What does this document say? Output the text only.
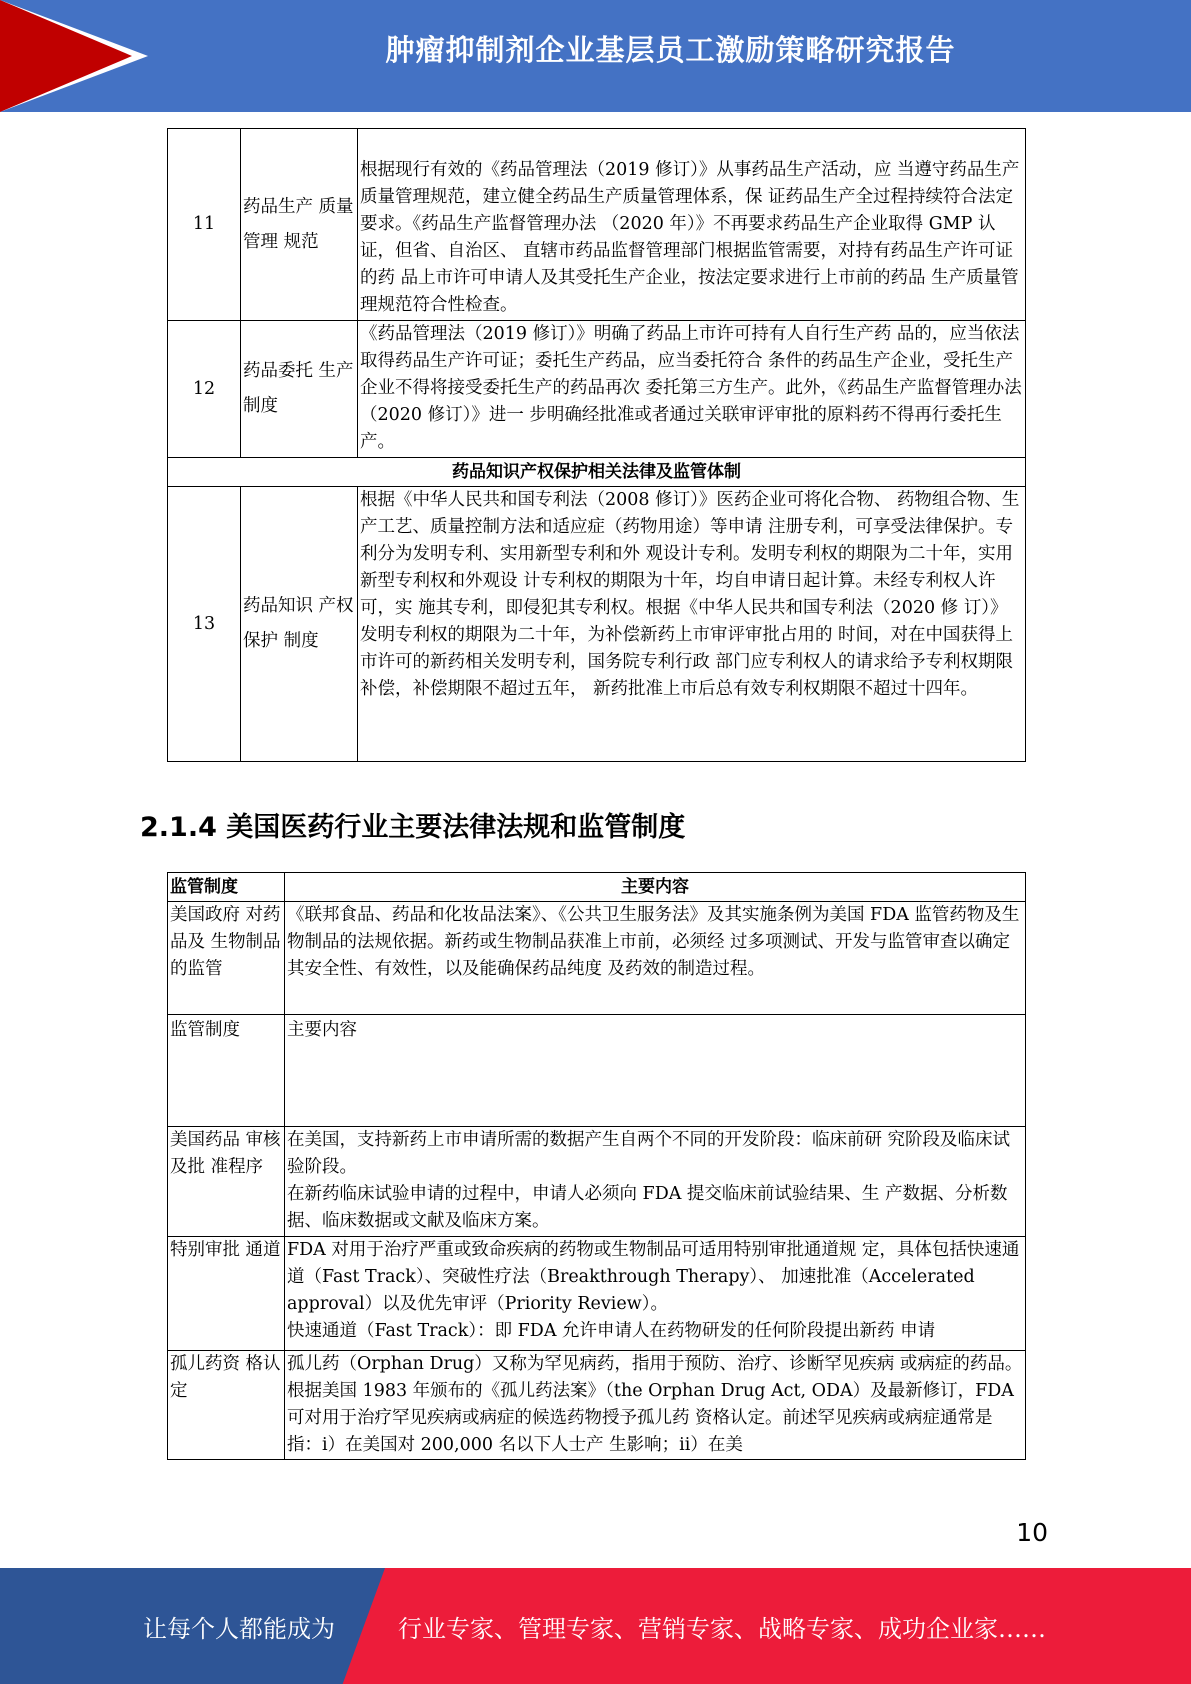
肿瘤抑制剂企业基层员工激励策略研究报告
11	药品生产 质量管理 规范	根据现行有效的《药品管理法（2019 修订）》从事药品生产活动，应 当遵守药品生产质量管理规范，建立健全药品生产质量管理体系，保 证药品生产全过程持续符合法定要求。《药品生产监督管理办法 （2020 年）》不再要求药品生产企业取得 GMP 认证，但省、自治区、 直辖市药品监督管理部门根据监管需要，对持有药品生产许可证的药 品上市许可申请人及其受托生产企业，按法定要求进行上市前的药品 生产质量管理规范符合性检查。
12	药品委托 生产制度	《药品管理法（2019 修订）》明确了药品上市许可持有人自行生产药 品的，应当依法取得药品生产许可证；委托生产药品，应当委托符合 条件的药品生产企业，受托生产企业不得将接受委托生产的药品再次 委托第三方生产。此外，《药品生产监督管理办法（2020 修订）》进一 步明确经批准或者通过关联审评审批的原料药不得再行委托生产。
药品知识产权保护相关法律及监管体制		
13	药品知识 产权保护 制度	根据《中华人民共和国专利法（2008 修订）》医药企业可将化合物、 药物组合物、生产工艺、质量控制方法和适应症（药物用途）等申请 注册专利，可享受法律保护。专利分为发明专利、实用新型专利和外 观设计专利。发明专利权的期限为二十年，实用新型专利权和外观设 计专利权的期限为十年，均自申请日起计算。未经专利权人许可，实 施其专利，即侵犯其专利权。根据《中华人民共和国专利法（2020 修 订）》发明专利权的期限为二十年，为补偿新药上市审评审批占用的 时间，对在中国获得上市许可的新药相关发明专利，国务院专利行政 部门应专利权人的请求给予专利权期限补偿，补偿期限不超过五年， 新药批准上市后总有效专利权期限不超过十四年。
2.1.4 美国医药行业主要法律法规和监管制度
监管制度	主要内容
美国政府 对药品及 生物制品 的监管	《联邦食品、药品和化妆品法案》、《公共卫生服务法》及其实施条例为美国 FDA 监管药物及生物制品的法规依据。新药或生物制品获准上市前，必须经 过多项测试、开发与监管审查以确定其安全性、有效性，以及能确保药品纯度 及药效的制造过程。
监管制度	主要内容
美国药品 审核及批 准程序	在美国，支持新药上市申请所需的数据产生自两个不同的开发阶段：临床前研 究阶段及临床试验阶段。
在新药临床试验申请的过程中，申请人必须向 FDA 提交临床前试验结果、生 产数据、分析数据、临床数据或文献及临床方案。

特别审批 通道	FDA 对用于治疗严重或致命疾病的药物或生物制品可适用特别审批通道规 定，具体包括快速通道（Fast Track）、突破性疗法（Breakthrough Therapy）、 加速批准（Accelerated approval）以及优先审评（Priority Review）。
快速通道（Fast Track）：即 FDA 允许申请人在药物研发的任何阶段提出新药 申请

孤儿药资 格认定	孤儿药（Orphan Drug）又称为罕见病药，指用于预防、治疗、诊断罕见疾病 或病症的药品。根据美国 1983 年颁布的《孤儿药法案》（the Orphan Drug Act, ODA）及最新修订，FDA 可对用于治疗罕见疾病或病症的候选药物授予孤儿药 资格认定。前述罕见疾病或病症通常是指：i）在美国对 200,000 名以下人士产 生影响；ii）在美
10
让每个人都能成为	行业专家、管理专家、营销专家、战略专家、成功企业家……
